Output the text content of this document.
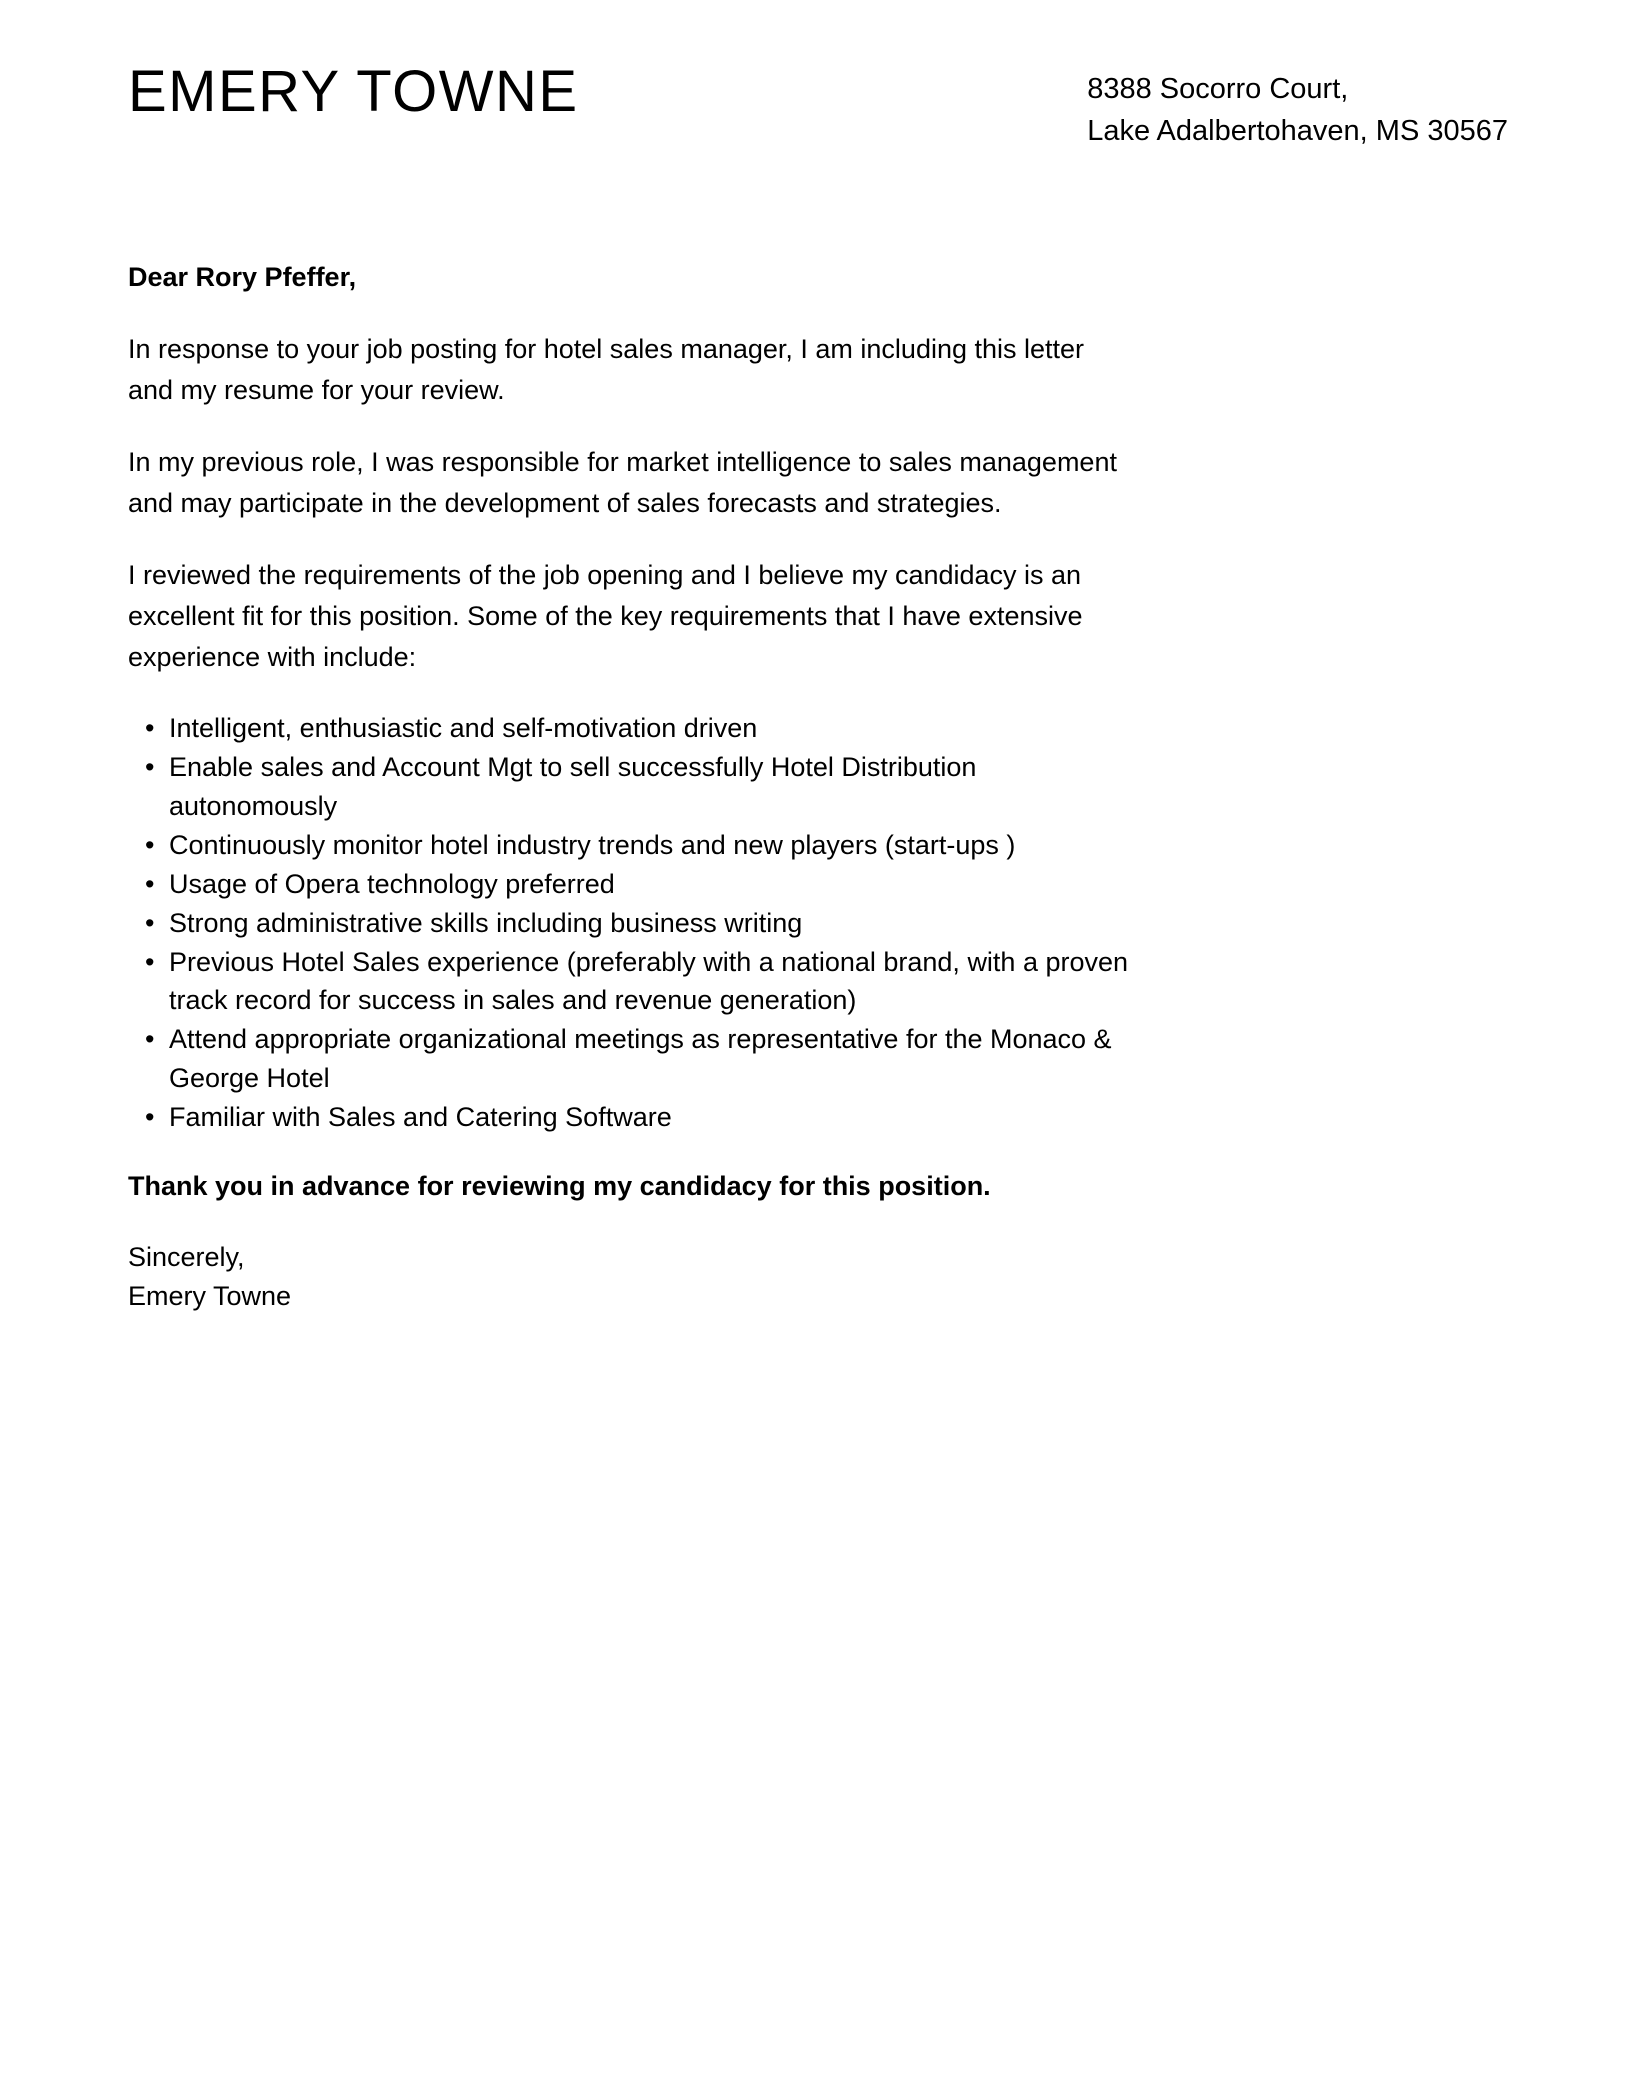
EMERY TOWNE	8388 Socorro Court,
Lake Adalbertohaven, MS 30567

Dear Rory Pfeffer,

In response to your job posting for hotel sales manager, I am including this letter and my resume for your review.

In my previous role, I was responsible for market intelligence to sales management and may participate in the development of sales forecasts and strategies.

I reviewed the requirements of the job opening and I believe my candidacy is an excellent fit for this position. Some of the key requirements that I have extensive experience with include:

• Intelligent, enthusiastic and self-motivation driven
• Enable sales and Account Mgt to sell successfully Hotel Distribution autonomously
• Continuously monitor hotel industry trends and new players (start-ups )
• Usage of Opera technology preferred
• Strong administrative skills including business writing
• Previous Hotel Sales experience (preferably with a national brand, with a proven track record for success in sales and revenue generation)
• Attend appropriate organizational meetings as representative for the Monaco & George Hotel
• Familiar with Sales and Catering Software

Thank you in advance for reviewing my candidacy for this position.

Sincerely,
Emery Towne
